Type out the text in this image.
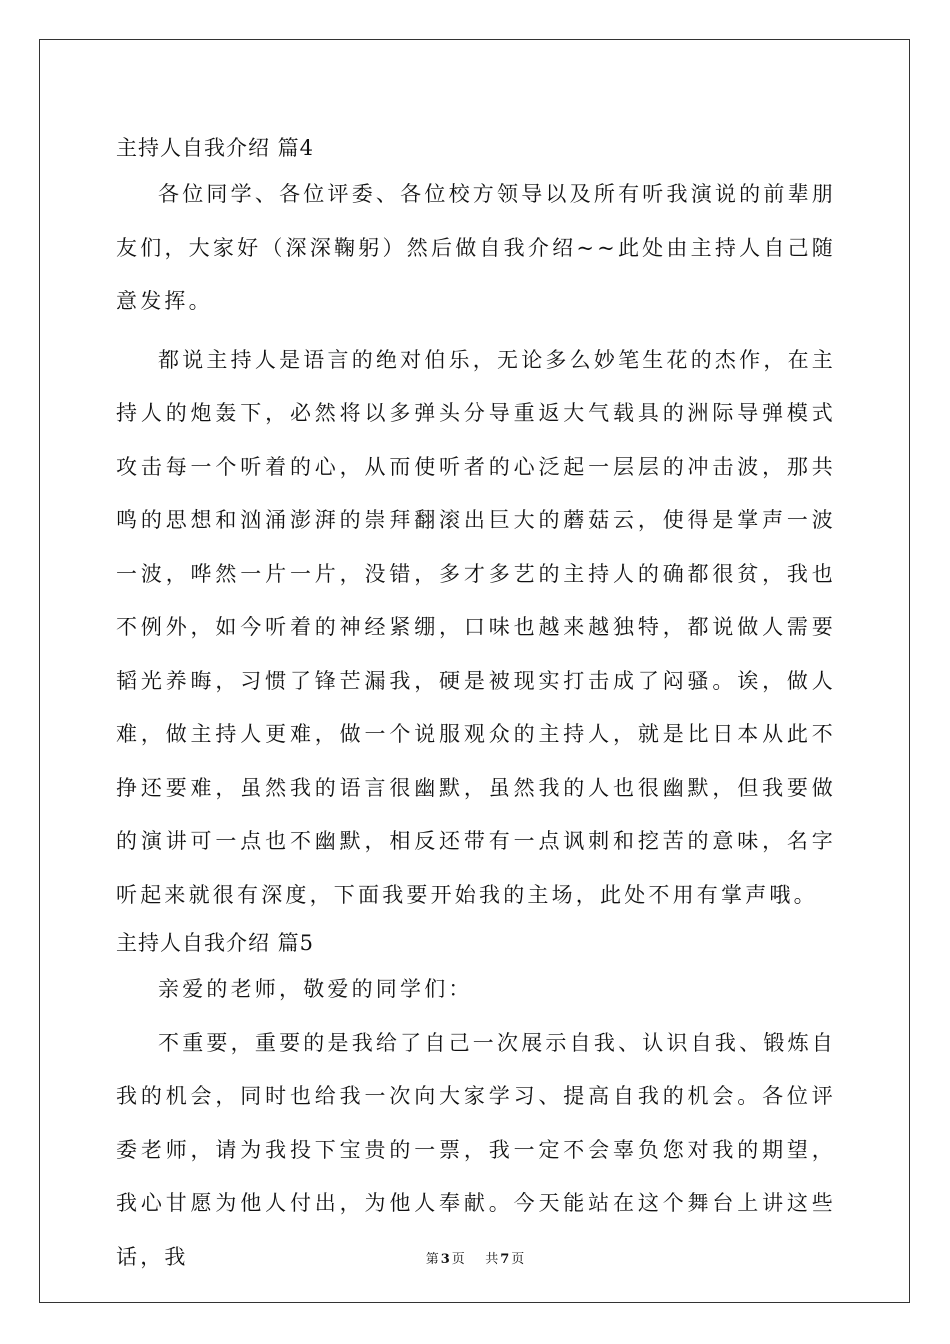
主持人自我介绍 篇4

各位同学、各位评委、各位校方领导以及所有听我演说的前辈朋友们，大家好（深深鞠躬）然后做自我介绍~~此处由主持人自己随意发挥。

都说主持人是语言的绝对伯乐，无论多么妙笔生花的杰作，在主持人的炮轰下，必然将以多弹头分导重返大气载具的洲际导弹模式攻击每一个听着的心，从而使听者的心泛起一层层的冲击波，那共鸣的思想和汹涌澎湃的崇拜翻滚出巨大的蘑菇云，使得是掌声一波一波，哗然一片一片，没错，多才多艺的主持人的确都很贫，我也不例外，如今听着的神经紧绷，口味也越来越独特，都说做人需要韬光养晦，习惯了锋芒漏我，硬是被现实打击成了闷骚。诶，做人难，做主持人更难，做一个说服观众的主持人，就是比日本从此不挣还要难，虽然我的语言很幽默，虽然我的人也很幽默，但我要做的演讲可一点也不幽默，相反还带有一点讽刺和挖苦的意味，名字听起来就很有深度，下面我要开始我的主场，此处不用有掌声哦。

主持人自我介绍 篇5

亲爱的老师，敬爱的同学们：

不重要，重要的是我给了自己一次展示自我、认识自我、锻炼自我的机会，同时也给我一次向大家学习、提高自我的机会。各位评委老师，请为我投下宝贵的一票，我一定不会辜负您对我的期望，我心甘愿为他人付出，为他人奉献。今天能站在这个舞台上讲这些话，我	第 3 页 共 7 页
